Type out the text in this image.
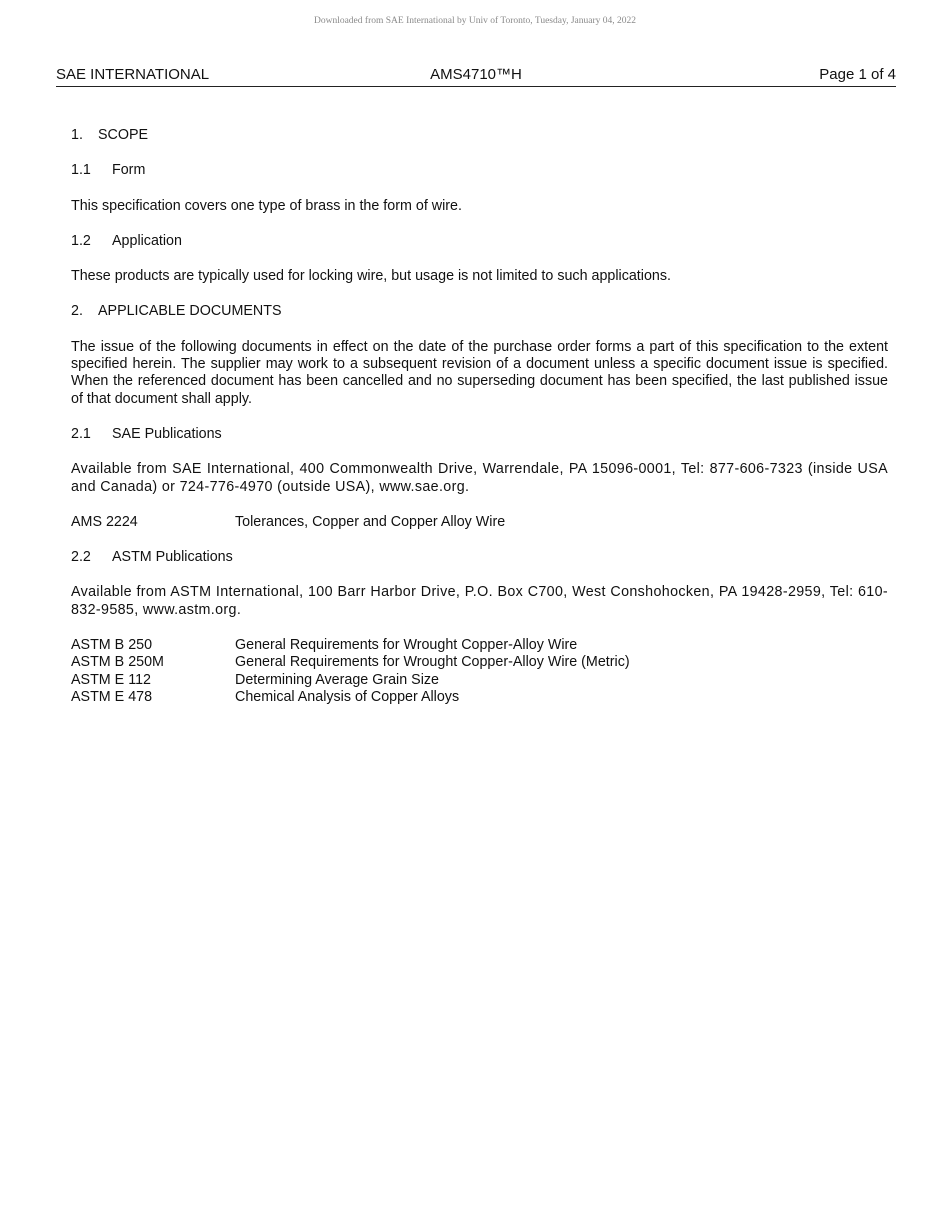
Downloaded from SAE International by Univ of Toronto, Tuesday, January 04, 2022
SAE INTERNATIONAL	AMS4710™H	Page 1 of 4
1. SCOPE
1.1 Form

This specification covers one type of brass in the form of wire.

1.2 Application

These products are typically used for locking wire, but usage is not limited to such applications.

2. APPLICABLE DOCUMENTS

The issue of the following documents in effect on the date of the purchase order forms a part of this specification to the extent specified herein. The supplier may work to a subsequent revision of a document unless a specific document issue is specified. When the referenced document has been cancelled and no superseding document has been specified, the last published issue of that document shall apply.

2.1 SAE Publications

Available from SAE International, 400 Commonwealth Drive, Warrendale, PA 15096-0001, Tel: 877-606-7323 (inside USA and Canada) or 724-776-4970 (outside USA), www.sae.org.

AMS 2224	Tolerances, Copper and Copper Alloy Wire
2.2 ASTM Publications

Available from ASTM International, 100 Barr Harbor Drive, P.O. Box C700, West Conshohocken, PA 19428-2959, Tel: 610-832-9585, www.astm.org.

ASTM B 250	General Requirements for Wrought Copper-Alloy Wire
ASTM B 250M	General Requirements for Wrought Copper-Alloy Wire (Metric)
ASTM E 112	Determining Average Grain Size
ASTM E 478	Chemical Analysis of Copper Alloys
